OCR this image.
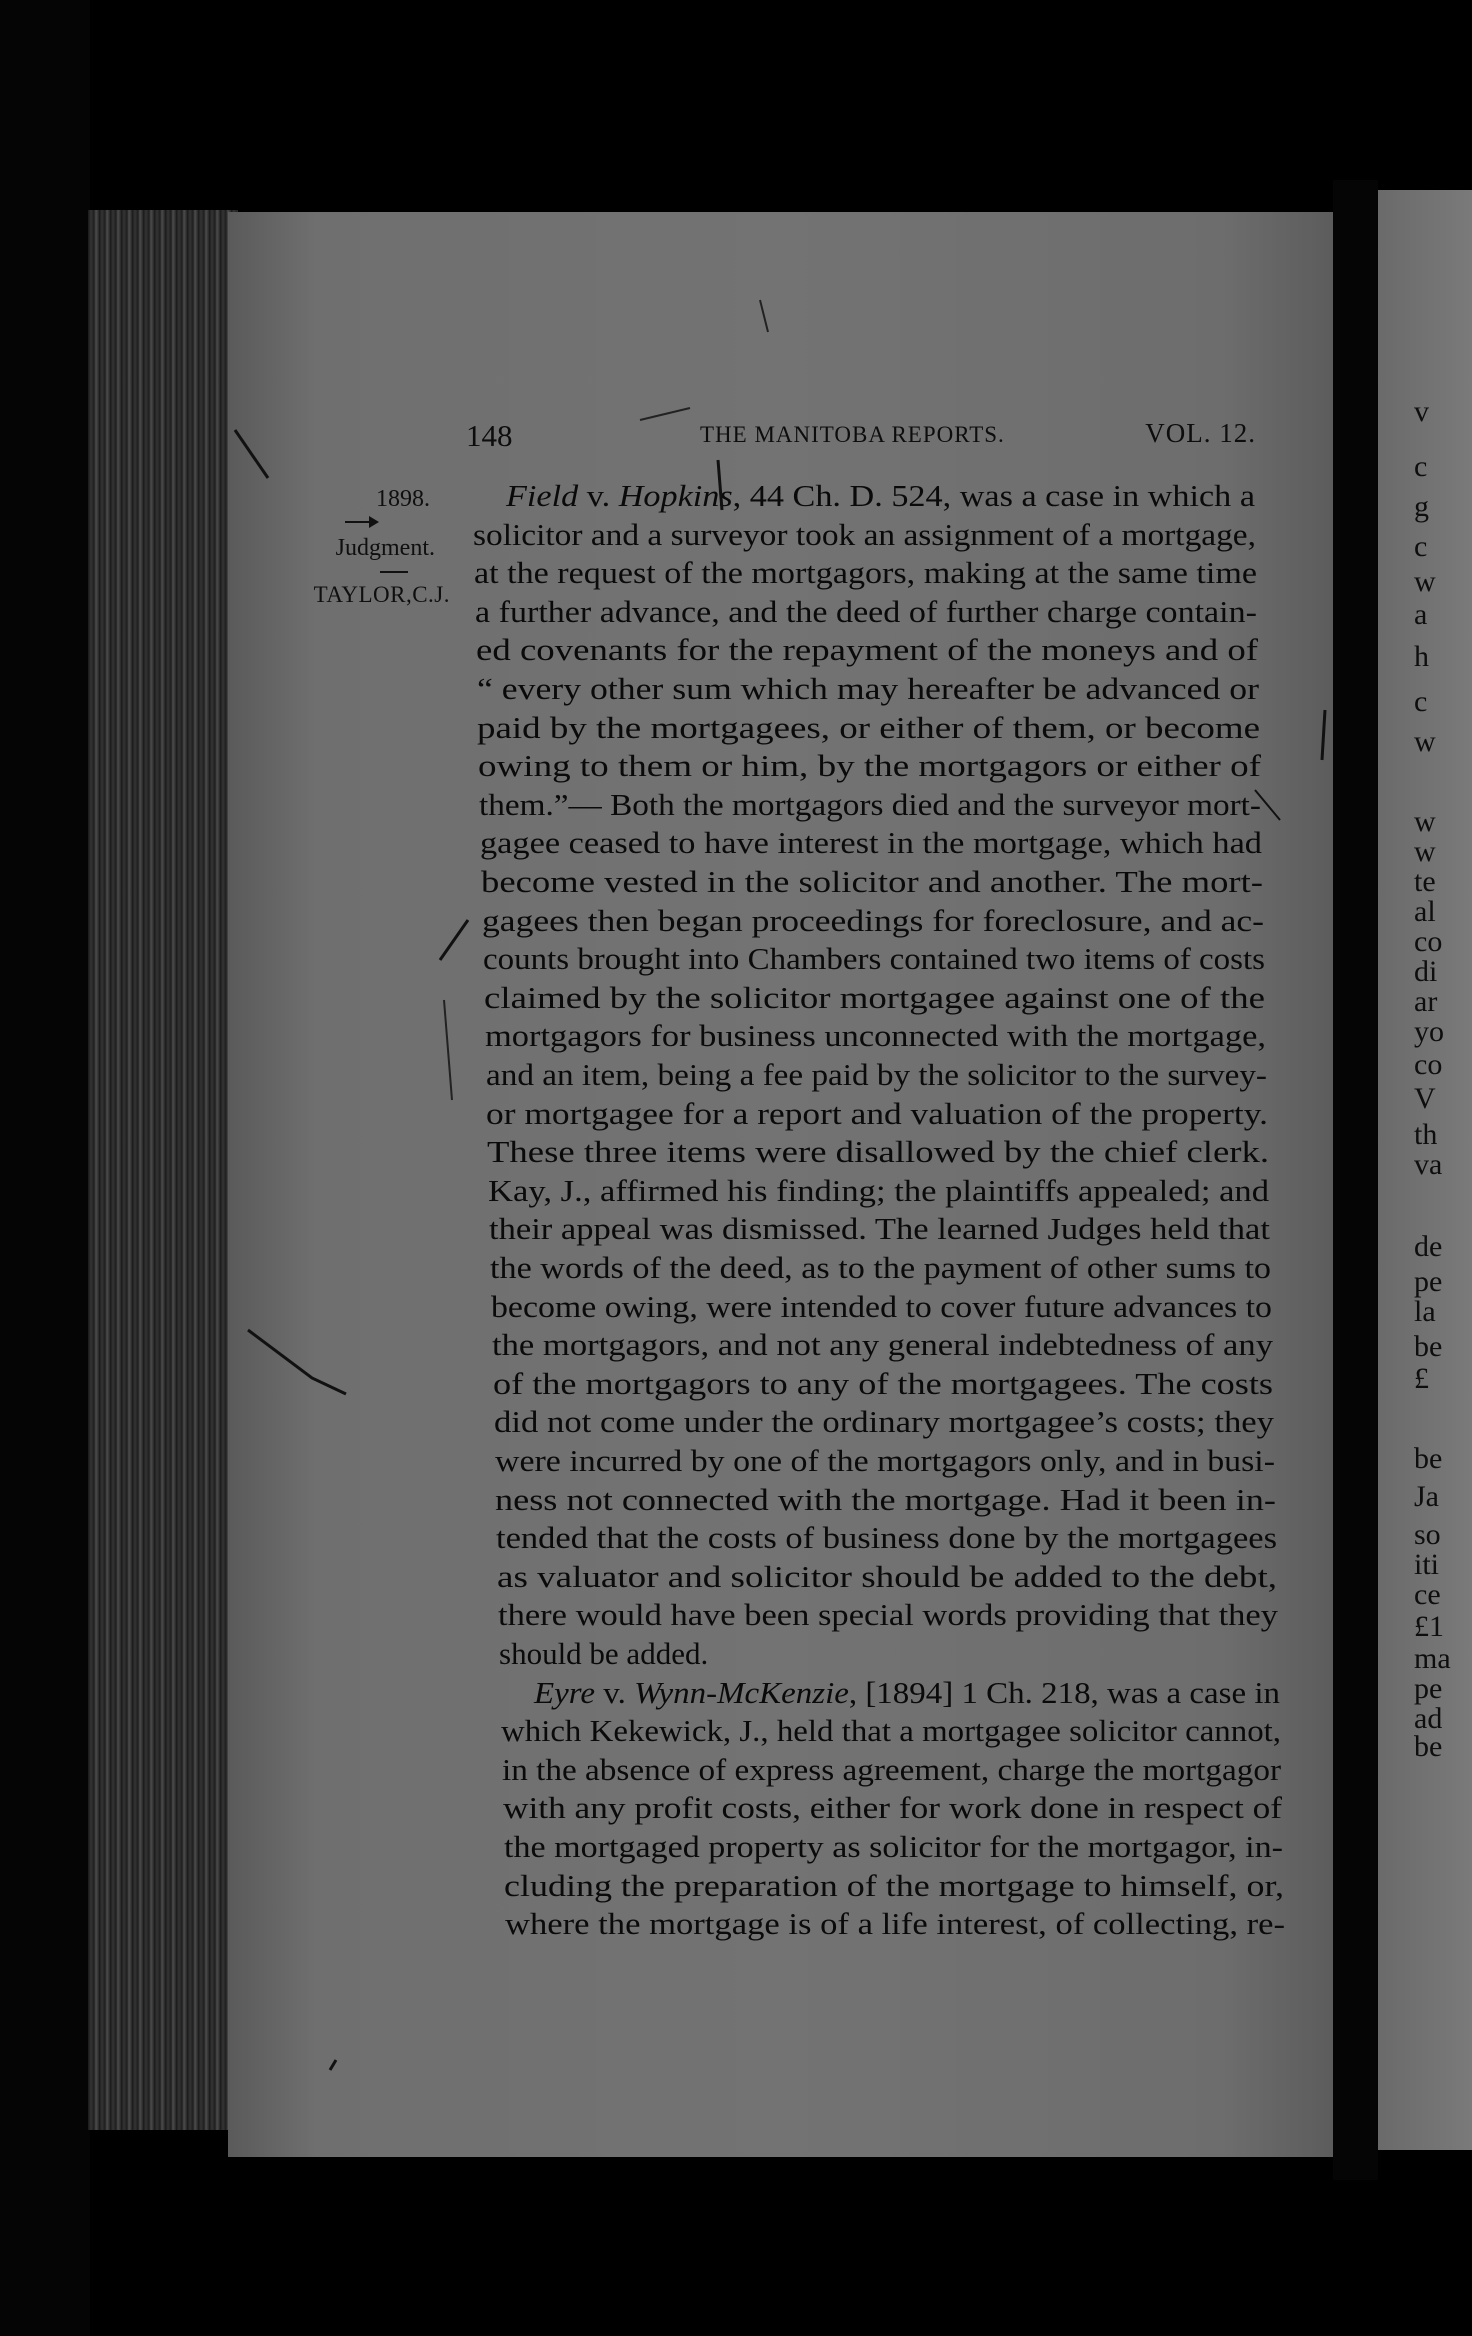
v
c
g
c
w
a
h
c
w
w
w
te
al
co
di
ar
yo
co
V
th
va
de
pe
la
be
£
be
Ja
so
iti
ce
£1
ma
pe
ad
be
148	THE MANITOBA REPORTS.	VOL. 12.
1898.
Judgment.
TAYLOR,C.J.
Field v. Hopkins, 44 Ch. D. 524, was a case in which a
solicitor and a surveyor took an assignment of a mortgage,
at the request of the mortgagors, making at the same time
a further advance, and the deed of further charge contain-
ed covenants for the repayment of the moneys and of
“ every other sum which may hereafter be advanced or
paid by the mortgagees, or either of them, or become
owing to them or him, by the mortgagors or either of
them.”— Both the mortgagors died and the surveyor mort-
gagee ceased to have interest in the mortgage, which had
become vested in the solicitor and another. The mort-
gagees then began proceedings for foreclosure, and ac-
counts brought into Chambers contained two items of costs
claimed by the solicitor mortgagee against one of the
mortgagors for business unconnected with the mortgage,
and an item, being a fee paid by the solicitor to the survey-
or mortgagee for a report and valuation of the property.
These three items were disallowed by the chief clerk.
Kay, J., affirmed his finding; the plaintiffs appealed; and
their appeal was dismissed. The learned Judges held that
the words of the deed, as to the payment of other sums to
become owing, were intended to cover future advances to
the mortgagors, and not any general indebtedness of any
of the mortgagors to any of the mortgagees. The costs
did not come under the ordinary mortgagee’s costs; they
were incurred by one of the mortgagors only, and in busi-
ness not connected with the mortgage. Had it been in-
tended that the costs of business done by the mortgagees
as valuator and solicitor should be added to the debt,
there would have been special words providing that they
should be added.
Eyre v. Wynn-McKenzie, [1894] 1 Ch. 218, was a case in
which Kekewick, J., held that a mortgagee solicitor cannot,
in the absence of express agreement, charge the mortgagor
with any profit costs, either for work done in respect of
the mortgaged property as solicitor for the mortgagor, in-
cluding the preparation of the mortgage to himself, or,
where the mortgage is of a life interest, of collecting, re-
